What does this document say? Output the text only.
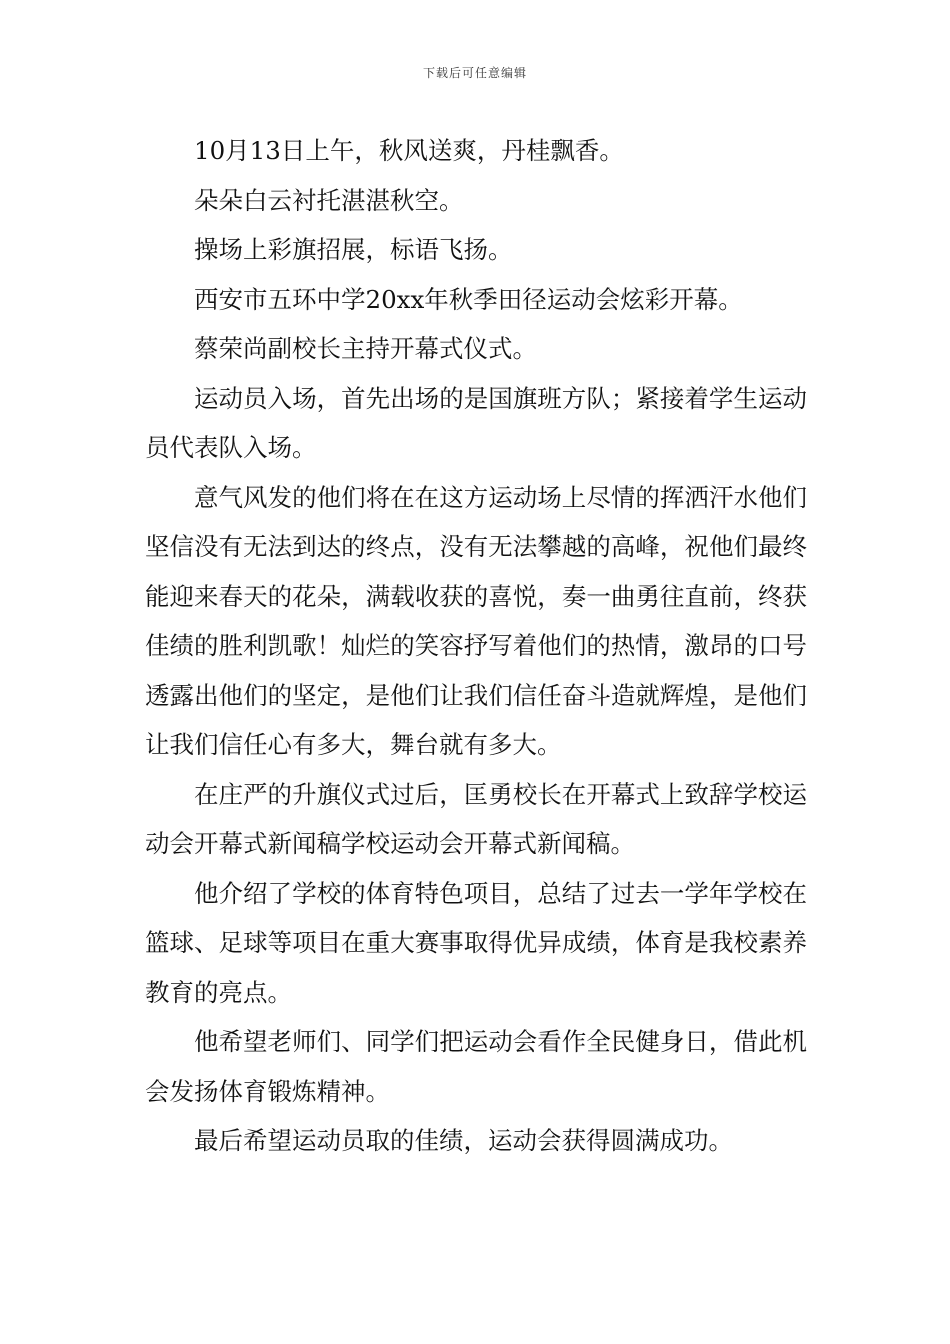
下载后可任意编辑

10月13日上午，秋风送爽，丹桂飘香。

朵朵白云衬托湛湛秋空。

操场上彩旗招展，标语飞扬。

西安市五环中学20xx年秋季田径运动会炫彩开幕。

蔡荣尚副校长主持开幕式仪式。

运动员入场，首先出场的是国旗班方队；紧接着学生运动员代表队入场。

意气风发的他们将在在这方运动场上尽情的挥洒汗水他们坚信没有无法到达的终点，没有无法攀越的高峰，祝他们最终能迎来春天的花朵，满载收获的喜悦，奏一曲勇往直前，终获佳绩的胜利凯歌！灿烂的笑容抒写着他们的热情，激昂的口号透露出他们的坚定，是他们让我们信任奋斗造就辉煌，是他们让我们信任心有多大，舞台就有多大。

在庄严的升旗仪式过后，匡勇校长在开幕式上致辞学校运动会开幕式新闻稿学校运动会开幕式新闻稿。

他介绍了学校的体育特色项目，总结了过去一学年学校在篮球、足球等项目在重大赛事取得优异成绩，体育是我校素养教育的亮点。

他希望老师们、同学们把运动会看作全民健身日，借此机会发扬体育锻炼精神。

最后希望运动员取的佳绩，运动会获得圆满成功。
